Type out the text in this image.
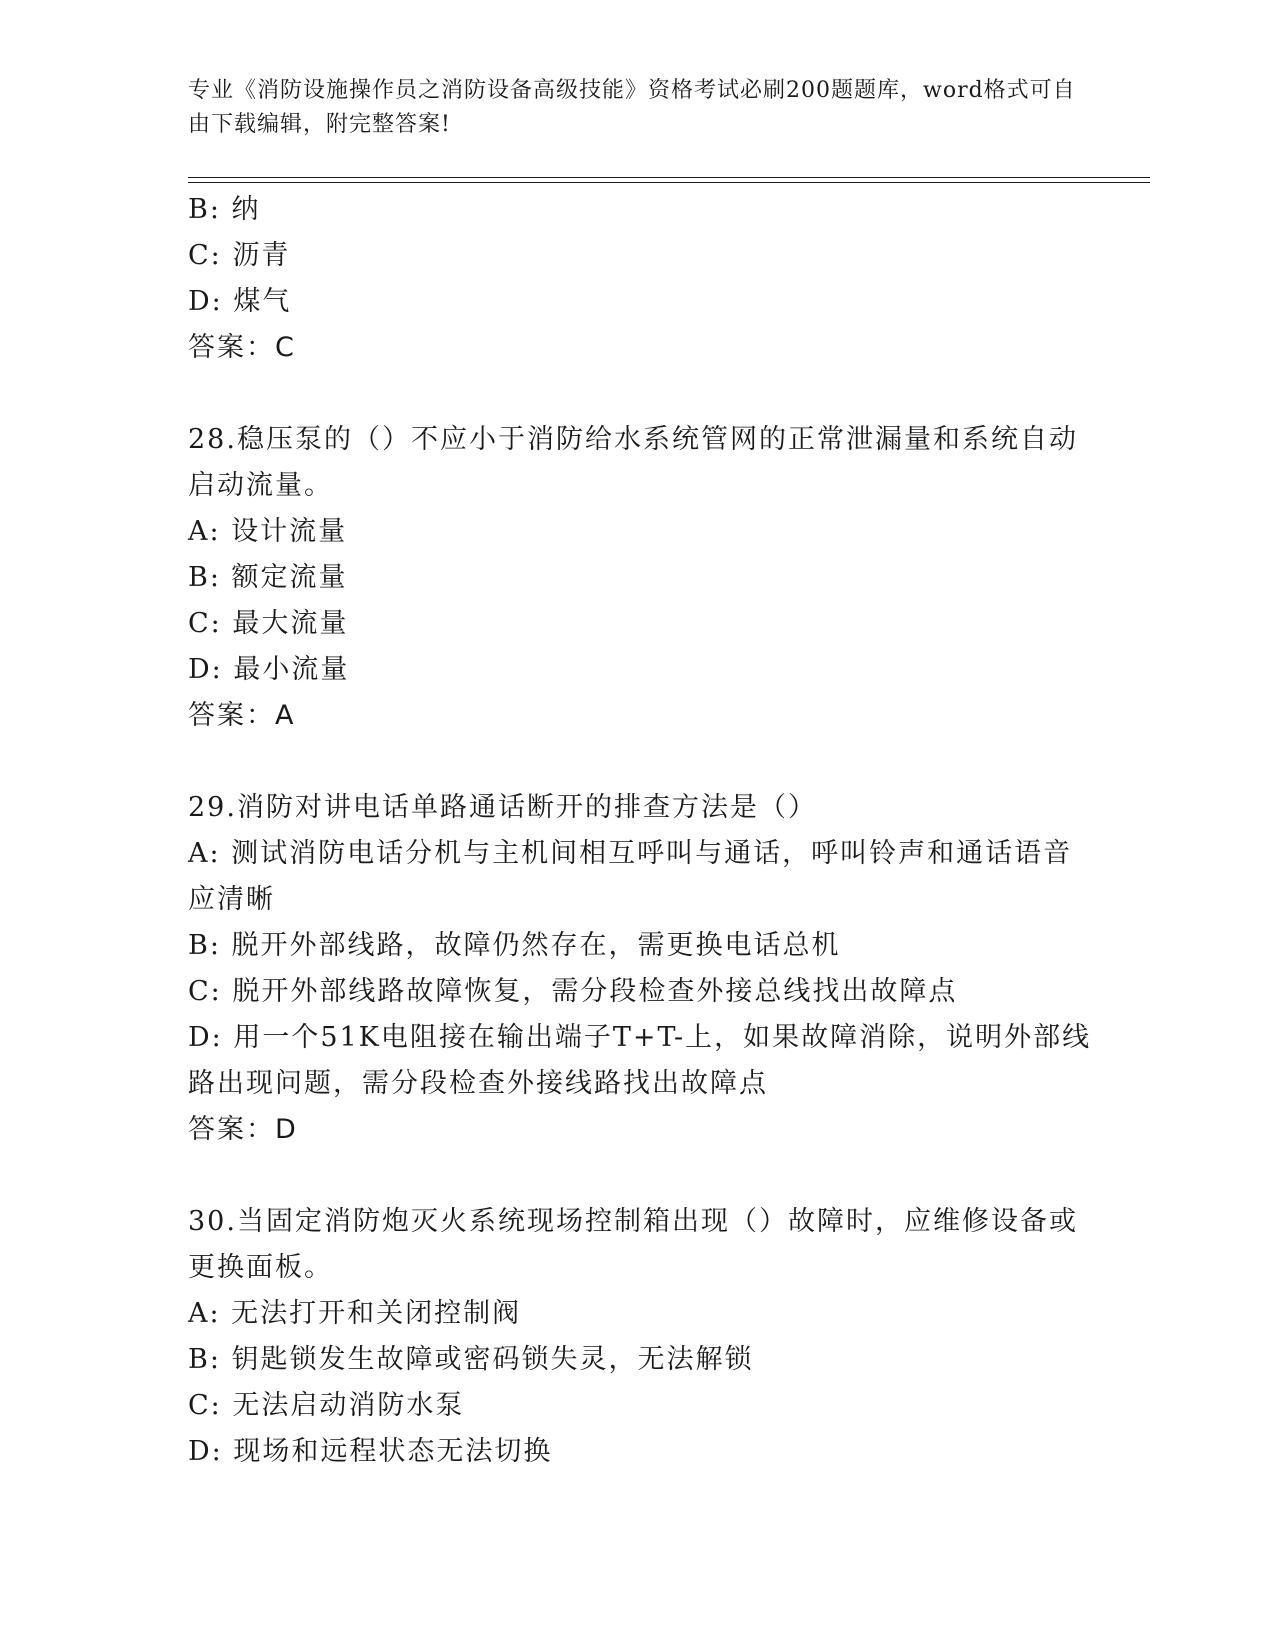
专业《消防设施操作员之消防设备高级技能》资格考试必刷200题题库，word格式可自由下载编辑，附完整答案!
B: 纳
C: 沥青
D: 煤气
答案：C
28.稳压泵的（）不应小于消防给水系统管网的正常泄漏量和系统自动
启动流量。
A: 设计流量
B: 额定流量
C: 最大流量
D: 最小流量
答案：A
29.消防对讲电话单路通话断开的排查方法是（）
A: 测试消防电话分机与主机间相互呼叫与通话，呼叫铃声和通话语音
应清晰
B: 脱开外部线路，故障仍然存在，需更换电话总机
C: 脱开外部线路故障恢复，需分段检查外接总线找出故障点
D: 用一个51K电阻接在输出端子T+T-上，如果故障消除，说明外部线
路出现问题，需分段检查外接线路找出故障点
答案：D
30.当固定消防炮灭火系统现场控制箱出现（）故障时，应维修设备或
更换面板。
A: 无法打开和关闭控制阀
B: 钥匙锁发生故障或密码锁失灵，无法解锁
C: 无法启动消防水泵
D: 现场和远程状态无法切换
